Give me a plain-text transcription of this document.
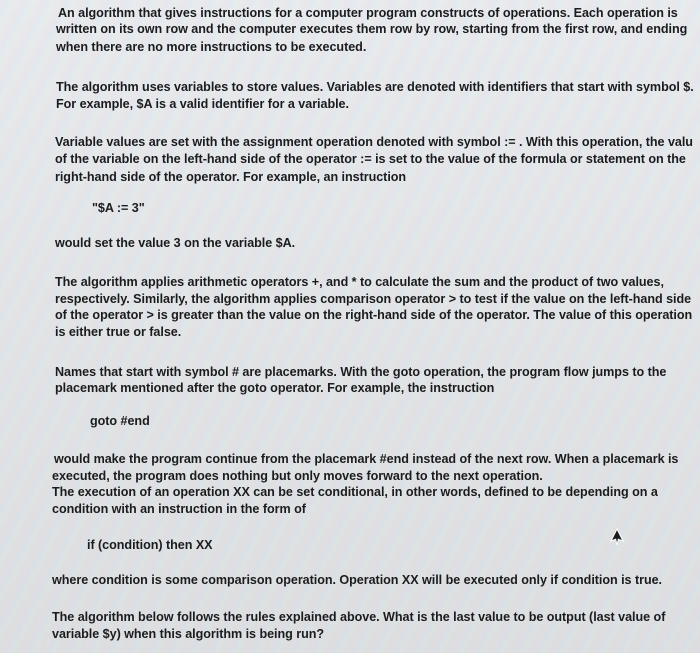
An algorithm that gives instructions for a computer program constructs of operations. Each operation is
written on its own row and the computer executes them row by row, starting from the first row, and ending
when there are no more instructions to be executed.
The algorithm uses variables to store values. Variables are denoted with identifiers that start with symbol $.
For example, $A is a valid identifier for a variable.
Variable values are set with the assignment operation denoted with symbol := . With this operation, the valu
of the variable on the left-hand side of the operator := is set to the value of the formula or statement on the
right-hand side of the operator. For example, an instruction
"$A := 3"
would set the value 3 on the variable $A.
The algorithm applies arithmetic operators +, and * to calculate the sum and the product of two values,
respectively. Similarly, the algorithm applies comparison operator > to test if the value on the left-hand side
of the operator > is greater than the value on the right-hand side of the operator. The value of this operation
is either true or false.
Names that start with symbol # are placemarks. With the goto operation, the program flow jumps to the
placemark mentioned after the goto operator. For example, the instruction
goto #end
would make the program continue from the placemark #end instead of the next row. When a placemark is
executed, the program does nothing but only moves forward to the next operation.
The execution of an operation XX can be set conditional, in other words, defined to be depending on a
condition with an instruction in the form of
if (condition) then XX
where condition is some comparison operation. Operation XX will be executed only if condition is true.
The algorithm below follows the rules explained above. What is the last value to be output (last value of
variable $y) when this algorithm is being run?
